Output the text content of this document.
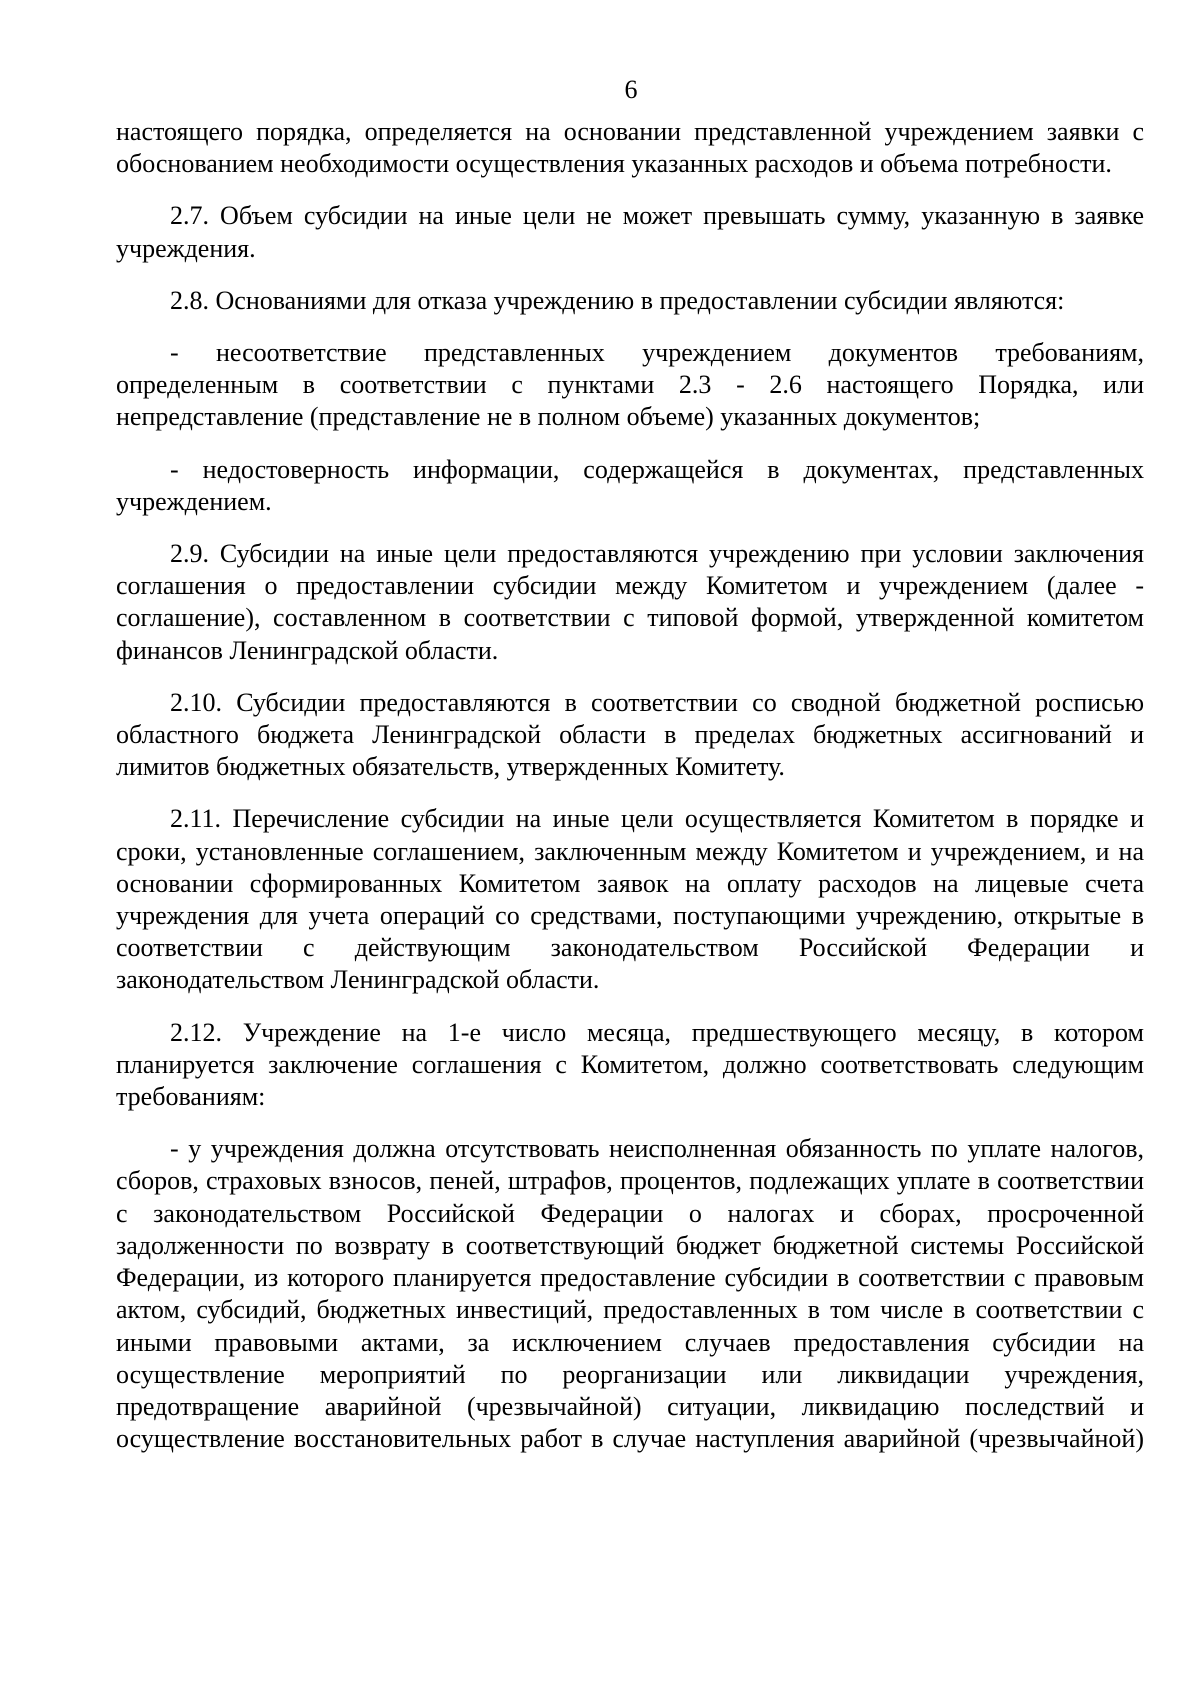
6

настоящего порядка, определяется на основании представленной учреждением заявки с обоснованием необходимости осуществления указанных расходов и объема потребности.

2.7. Объем субсидии на иные цели не может превышать сумму, указанную в заявке учреждения.

2.8. Основаниями для отказа учреждению в предоставлении субсидии являются:

- несоответствие представленных учреждением документов требованиям, определенным в соответствии с пунктами 2.3 - 2.6 настоящего Порядка, или непредставление (представление не в полном объеме) указанных документов;

- недостоверность информации, содержащейся в документах, представленных учреждением.

2.9. Субсидии на иные цели предоставляются учреждению при условии заключения соглашения о предоставлении субсидии между Комитетом и учреждением (далее - соглашение), составленном в соответствии с типовой формой, утвержденной комитетом финансов Ленинградской области.

2.10. Субсидии предоставляются в соответствии со сводной бюджетной росписью областного бюджета Ленинградской области в пределах бюджетных ассигнований и лимитов бюджетных обязательств, утвержденных Комитету.

2.11. Перечисление субсидии на иные цели осуществляется Комитетом в порядке и сроки, установленные соглашением, заключенным между Комитетом и учреждением, и на основании сформированных Комитетом заявок на оплату расходов на лицевые счета учреждения для учета операций со средствами, поступающими учреждению, открытые в соответствии с действующим законодательством Российской Федерации и законодательством Ленинградской области.

2.12. Учреждение на 1-е число месяца, предшествующего месяцу, в котором планируется заключение соглашения с Комитетом, должно соответствовать следующим требованиям:

- у учреждения должна отсутствовать неисполненная обязанность по уплате налогов, сборов, страховых взносов, пеней, штрафов, процентов, подлежащих уплате в соответствии с законодательством Российской Федерации о налогах и сборах, просроченной задолженности по возврату в соответствующий бюджет бюджетной системы Российской Федерации, из которого планируется предоставление субсидии в соответствии с правовым актом, субсидий, бюджетных инвестиций, предоставленных в том числе в соответствии с иными правовыми актами, за исключением случаев предоставления субсидии на осуществление мероприятий по реорганизации или ликвидации учреждения, предотвращение аварийной (чрезвычайной) ситуации, ликвидацию последствий и осуществление восстановительных работ в случае наступления аварийной (чрезвычайной)
